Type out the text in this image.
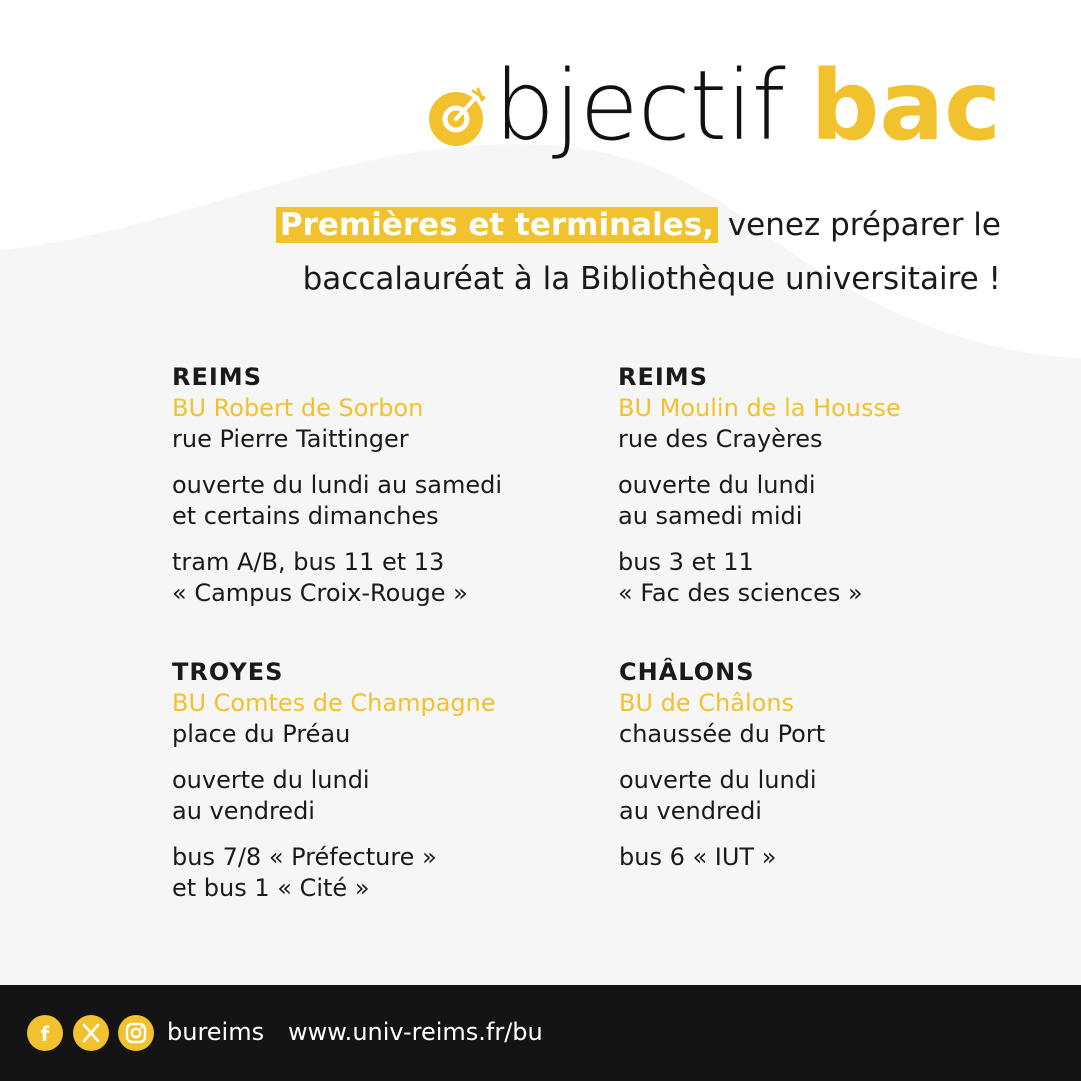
bjectif bac
Premières et terminales, venez préparer le
baccalauréat à la Bibliothèque universitaire !
REIMS
BU Robert de Sorbon
rue Pierre Taittinger
ouverte du lundi au samedi
et certains dimanches
tram A/B, bus 11 et 13
« Campus Croix-Rouge »
REIMS
BU Moulin de la Housse
rue des Crayères
ouverte du lundi
au samedi midi
bus 3 et 11
« Fac des sciences »
TROYES
BU Comtes de Champagne
place du Préau
ouverte du lundi
au vendredi
bus 7/8 « Préfecture »
et bus 1 « Cité »
CHÂLONS
BU de Châlons
chaussée du Port
ouverte du lundi
au vendredi
bus 6 « IUT »
f	bureims www.univ-reims.fr/bu
